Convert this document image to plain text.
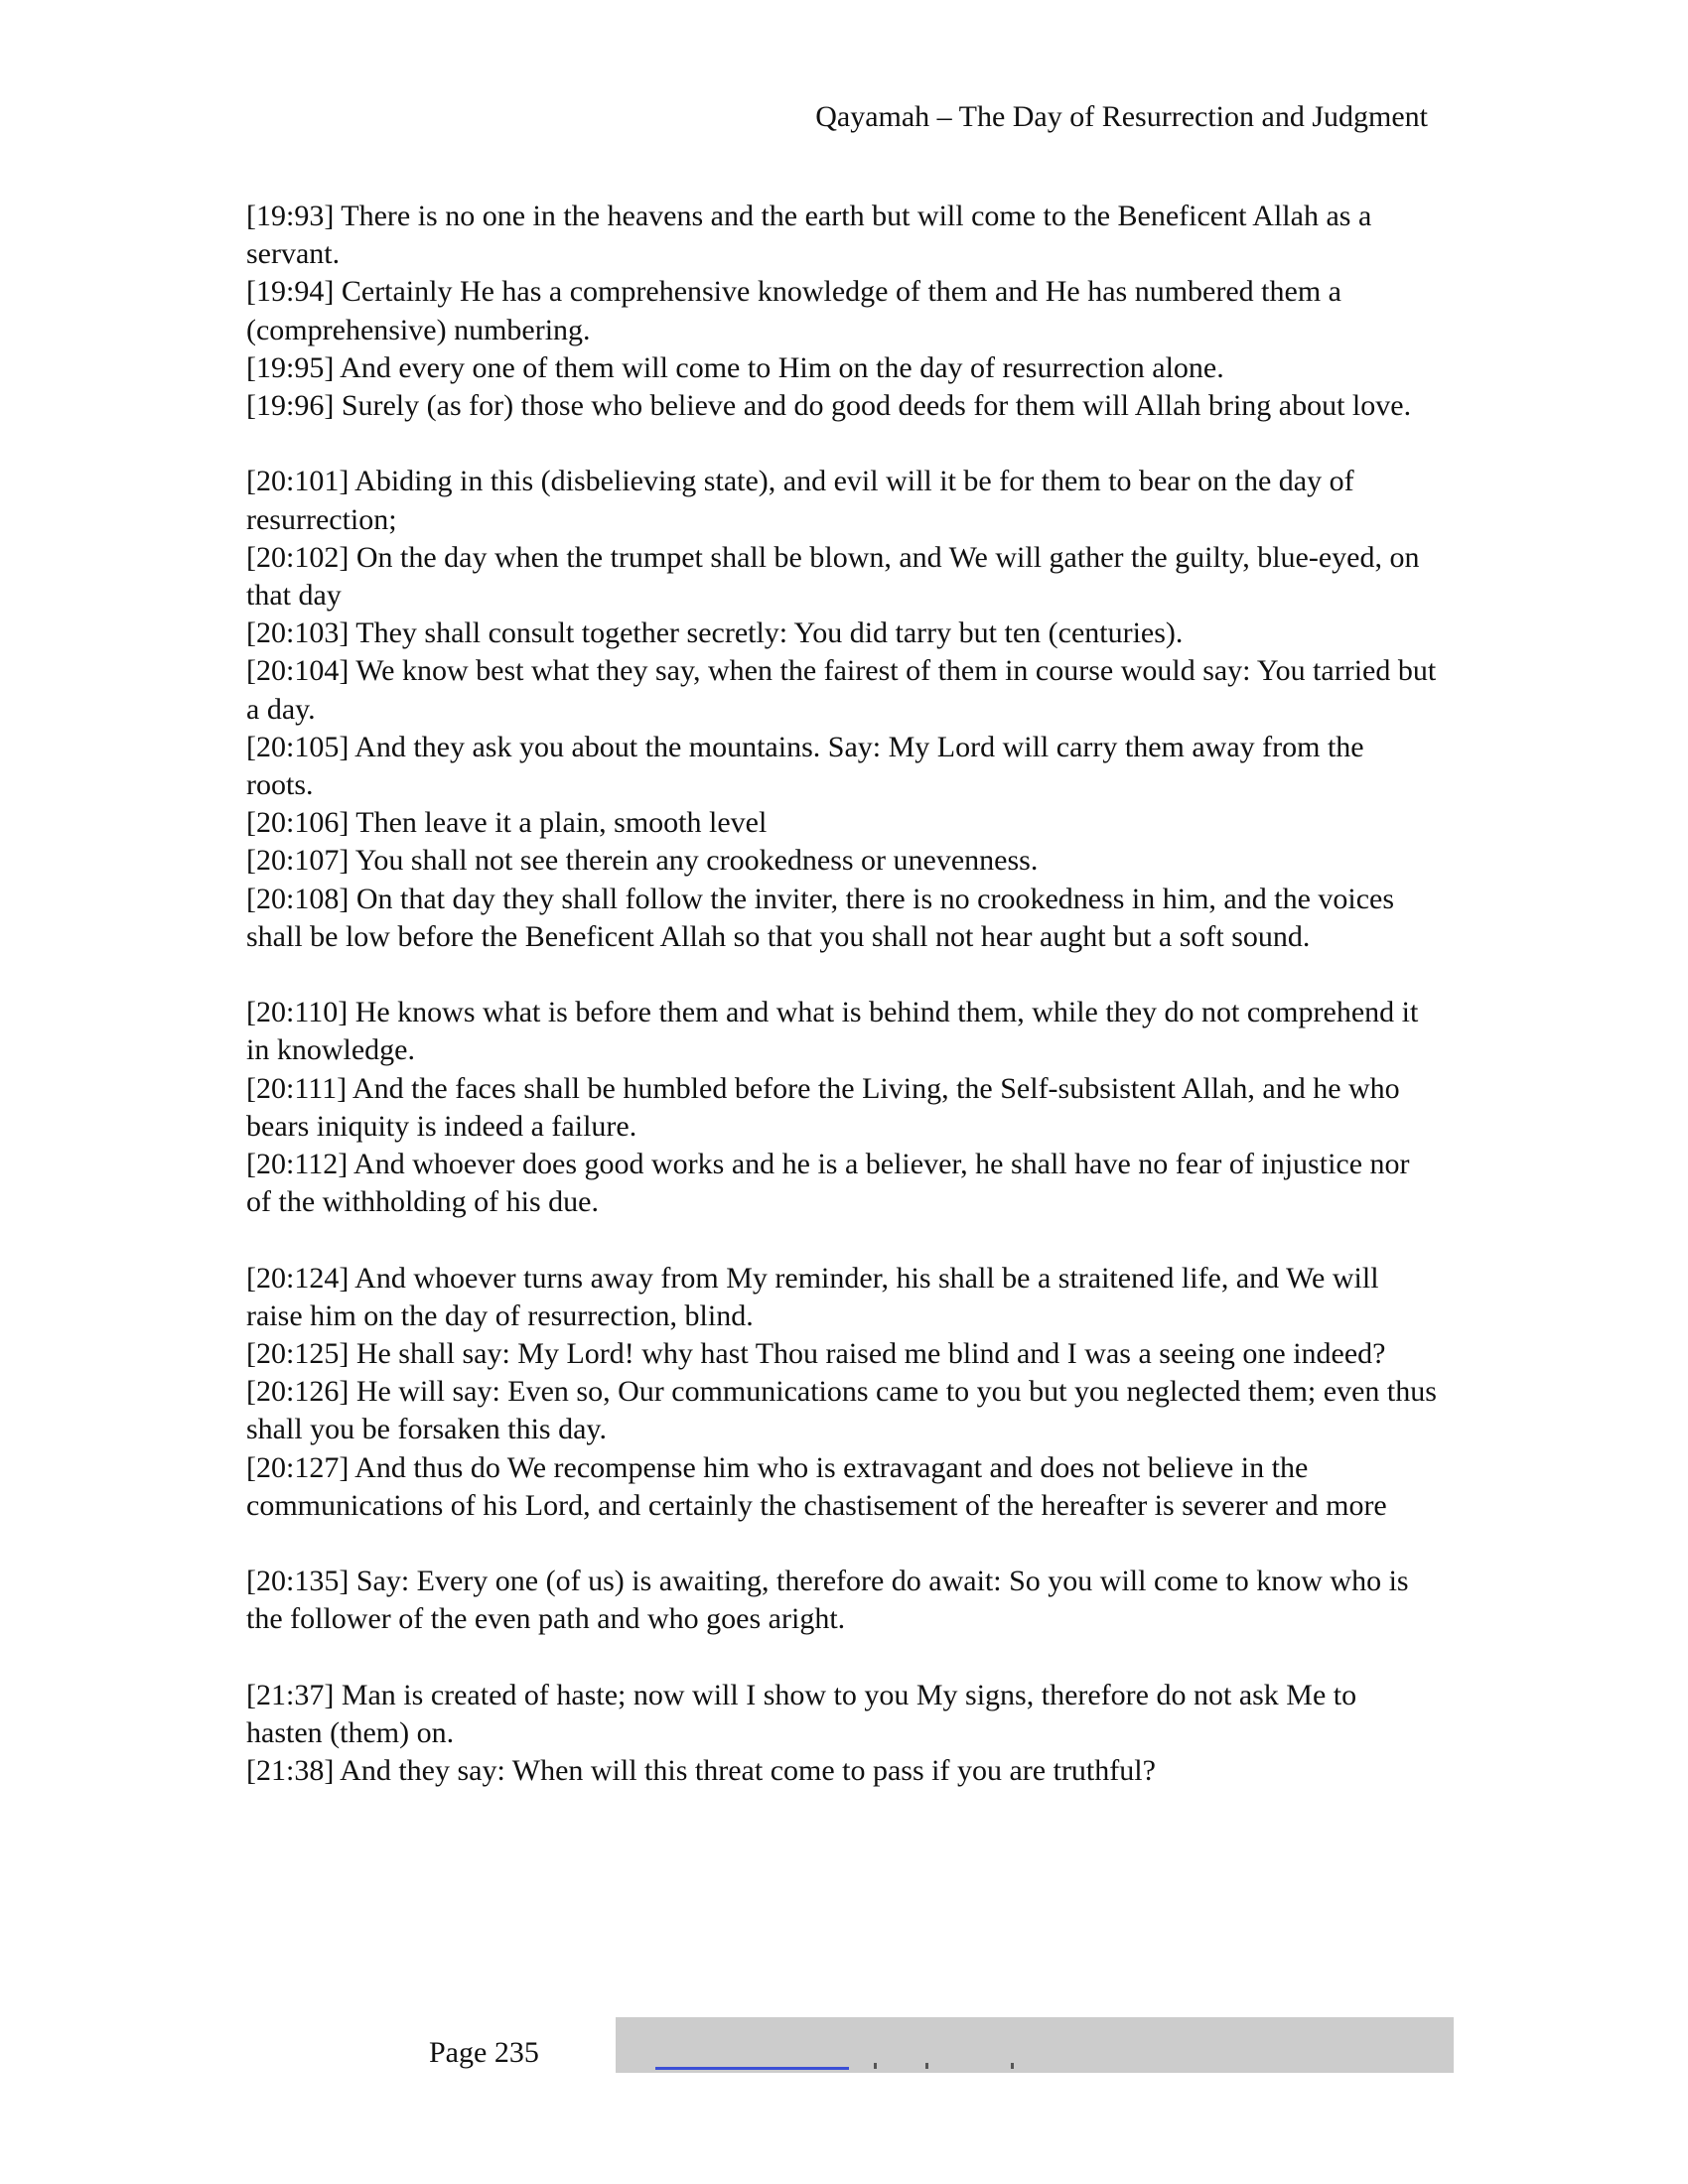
Qayamah – The Day of Resurrection and Judgment
[19:93] There is no one in the heavens and the earth but will come to the Beneficent Allah as a servant.
[19:94] Certainly He has a comprehensive knowledge of them and He has numbered them a (comprehensive) numbering.
[19:95] And every one of them will come to Him on the day of resurrection alone.
[19:96] Surely (as for) those who believe and do good deeds for them will Allah bring about love.
[20:101] Abiding in this (disbelieving state), and evil will it be for them to bear on the day of resurrection;
[20:102] On the day when the trumpet shall be blown, and We will gather the guilty, blue-eyed, on that day
[20:103] They shall consult together secretly: You did tarry but ten (centuries).
[20:104] We know best what they say, when the fairest of them in course would say: You tarried but a day.
[20:105] And they ask you about the mountains. Say: My Lord will carry them away from the roots.
[20:106] Then leave it a plain, smooth level
[20:107] You shall not see therein any crookedness or unevenness.
[20:108] On that day they shall follow the inviter, there is no crookedness in him, and the voices shall be low before the Beneficent Allah so that you shall not hear aught but a soft sound.
[20:110] He knows what is before them and what is behind them, while they do not comprehend it in knowledge.
[20:111] And the faces shall be humbled before the Living, the Self-subsistent Allah, and he who bears iniquity is indeed a failure.
[20:112] And whoever does good works and he is a believer, he shall have no fear of injustice nor of the withholding of his due.
[20:124] And whoever turns away from My reminder, his shall be a straitened life, and We will raise him on the day of resurrection, blind.
[20:125] He shall say: My Lord! why hast Thou raised me blind and I was a seeing one indeed?
[20:126] He will say: Even so, Our communications came to you but you neglected them; even thus shall you be forsaken this day.
[20:127] And thus do We recompense him who is extravagant and does not believe in the communications of his Lord, and certainly the chastisement of the hereafter is severer and more
[20:135] Say: Every one (of us) is awaiting, therefore do await: So you will come to know who is the follower of the even path and who goes aright.
[21:37] Man is created of haste; now will I show to you My signs, therefore do not ask Me to hasten (them) on.
[21:38] And they say: When will this threat come to pass if you are truthful?
Page 235
